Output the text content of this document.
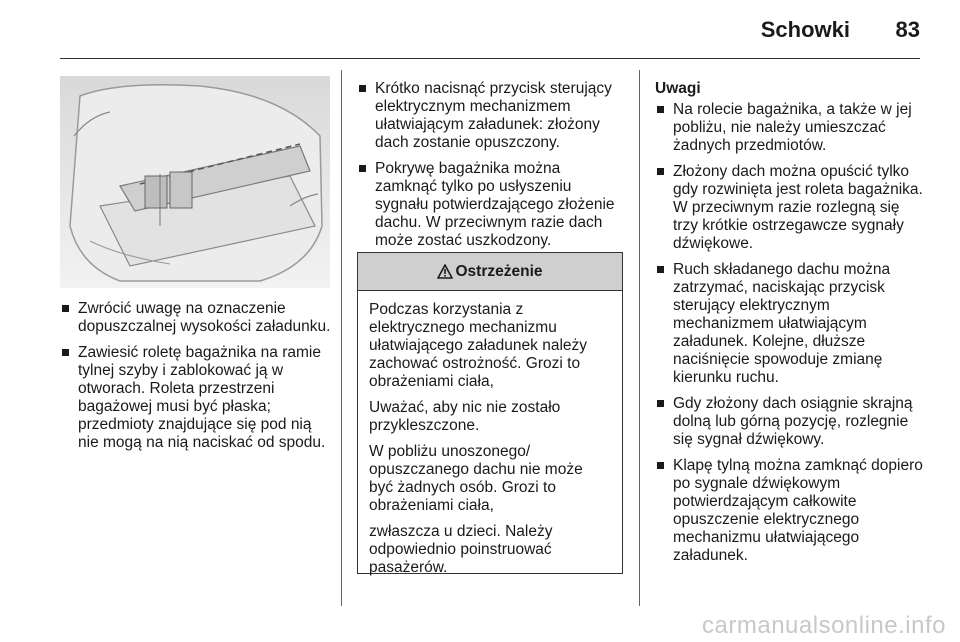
Schowki 83
Zwrócić uwagę na oznaczenie dopuszczalnej wysokości załadunku.
Zawiesić roletę bagażnika na ramie tylnej szyby i zablokować ją w otworach. Roleta przestrzeni bagażowej musi być płaska; przedmioty znajdujące się pod nią nie mogą na nią naciskać od spodu.
Krótko nacisnąć przycisk sterujący elektrycznym mechanizmem ułatwiającym załadunek: złożony dach zostanie opuszczony.
Pokrywę bagażnika można zamknąć tylko po usłyszeniu sygnału potwierdzającego złożenie dachu. W przeciwnym razie dach może zostać uszkodzony.
Ostrzeżenie

Podczas korzystania z elektrycznego mechanizmu ułatwiającego załadunek należy zachować ostrożność. Grozi to obrażeniami ciała,

Uważać, aby nic nie zostało przykleszczone.

W pobliżu unoszonego/ opuszczanego dachu nie może być żadnych osób. Grozi to obrażeniami ciała,

zwłaszcza u dzieci. Należy odpowiednio poinstruować pasażerów.

Uwagi
Na rolecie bagażnika, a także w jej pobliżu, nie należy umieszczać żadnych przedmiotów.
Złożony dach można opuścić tylko gdy rozwinięta jest roleta bagażnika. W przeciwnym razie rozlegną się trzy krótkie ostrzegawcze sygnały dźwiękowe.
Ruch składanego dachu można zatrzymać, naciskając przycisk sterujący elektrycznym mechanizmem ułatwiającym załadunek. Kolejne, dłuższe naciśnięcie spowoduje zmianę kierunku ruchu.
Gdy złożony dach osiągnie skrajną dolną lub górną pozycję, rozlegnie się sygnał dźwiękowy.
Klapę tylną można zamknąć dopiero po sygnale dźwiękowym potwierdzającym całkowite opuszczenie elektrycznego mechanizmu ułatwiającego załadunek.
carmanualsonline.info
